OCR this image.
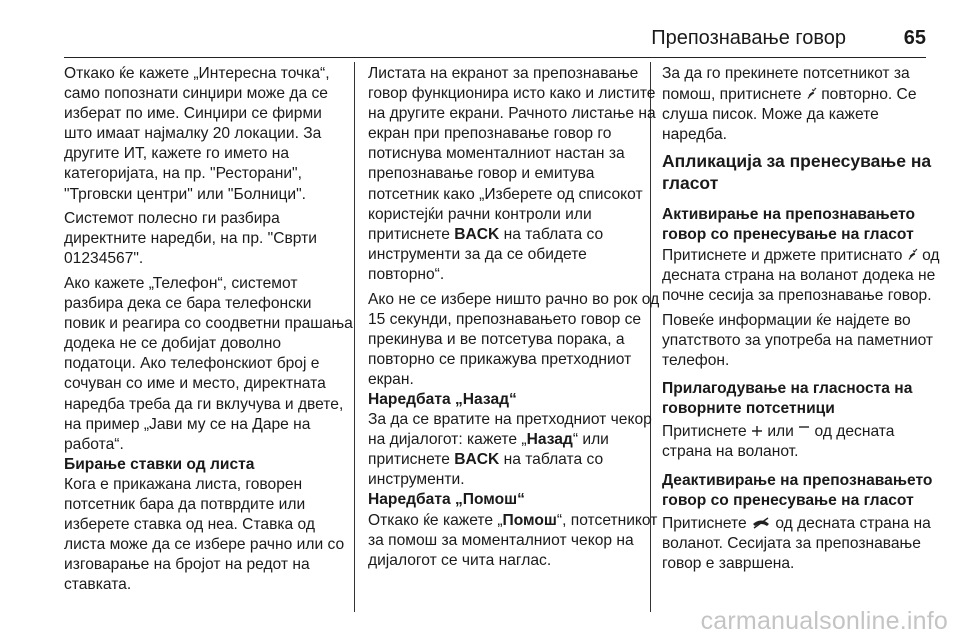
Препознавање говор	65

Откако ќе кажете „Интересна точка“, само попознати синџири може да се изберат по име. Синџири се фирми што имаат најмалку 20 локации. За другите ИТ, кажете го името на категоријата, на пр. "Ресторани", "Трговски центри" или "Болници".

Системот полесно ги разбира директните наредби, на пр. "Сврти 01234567".

Ако кажете „Телефон“, системот разбира дека се бара телефонски повик и реагира со соодветни прашања додека не се добијат доволно податоци. Ако телефонскиот број е сочуван со име и место, директната наредба треба да ги вклучува и двете, на пример „Јави му се на Даре на работа“.

Бирање ставки од листа

Кога е прикажана листа, говорен потсетник бара да потврдите или изберете ставка од неа. Ставка од листа може да се избере рачно или со изговарање на бројот на редот на ставката.

Листата на екранот за препознавање говор функционира исто како и листите на другите екрани. Рачното листање на екран при препознавање говор го потиснува моменталниот настан за препознавање говор и емитува потсетник како „Изберете од списокот користејќи рачни контроли или притиснете BACK на таблата со инструменти за да се обидете повторно“.

Ако не се избере ништо рачно во рок од 15 секунди, препознавањето говор се прекинува и ве потсетува порака, а повторно се прикажува претходниот екран.

Наредбата „Назад“

За да се вратите на претходниот чекор на дијалогот: кажете „Назад“ или притиснете BACK на таблата со инструменти.

Наредбата „Помош“

Откако ќе кажете „Помош“, потсетникот за помош за моменталниот чекор на дијалогот се чита наглас.

За да го прекинете потсетникот за помош, притиснете  повторно. Се слуша писок. Може да кажете наредба.

Апликација за пренесување на гласот

Активирање на препознавањето говор со пренесување на гласот

Притиснете и држете притиснато  од десната страна на воланот додека не почне сесија за препознавање говор.

Повеќе информации ќе најдете во упатството за употреба на паметниот телефон.

Прилагодување на гласноста на говорните потсетници

Притиснете  или  од десната страна на воланот.

Деактивирање на препознавањето говор со пренесување на гласот

Притиснете  од десната страна на воланот. Сесијата за препознавање говор е завршена.

carmanualsonline.info
